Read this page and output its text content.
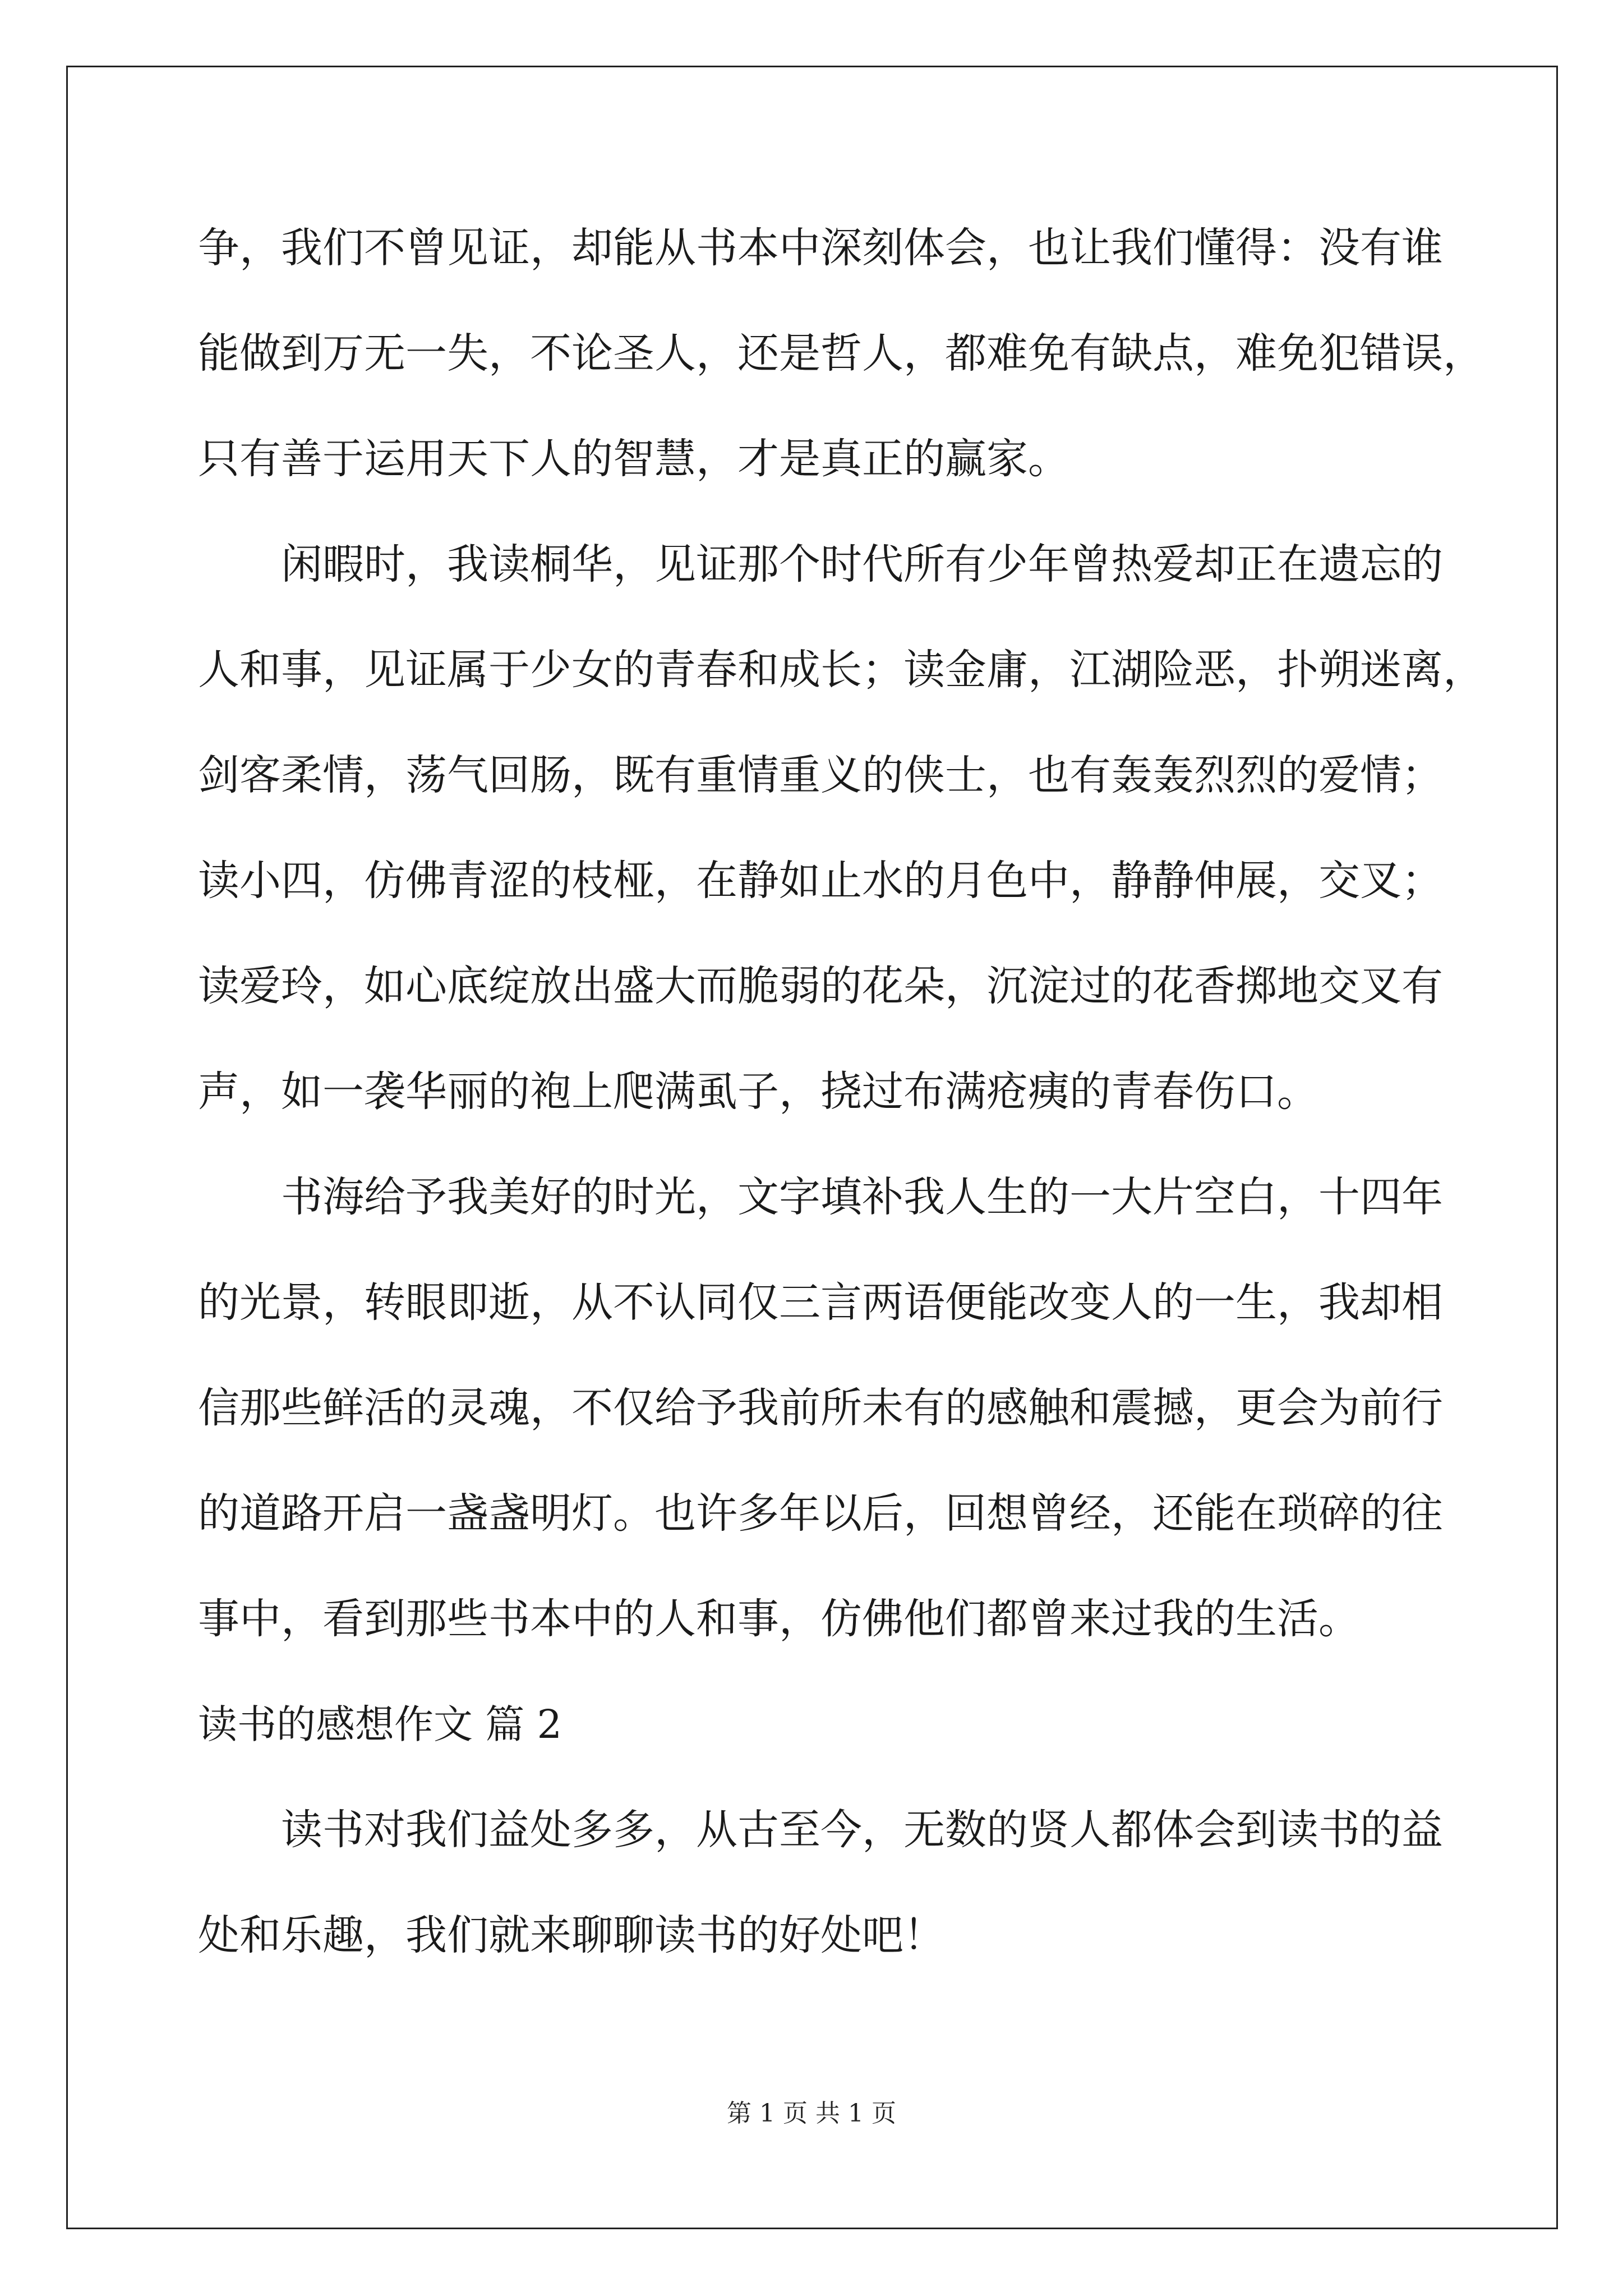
争，我们不曾见证，却能从书本中深刻体会，也让我们懂得：没有谁
能做到万无一失，不论圣人，还是哲人，都难免有缺点，难免犯错误，
只有善于运用天下人的智慧，才是真正的赢家。
闲暇时，我读桐华，见证那个时代所有少年曾热爱却正在遗忘的
人和事，见证属于少女的青春和成长；读金庸，江湖险恶，扑朔迷离，
剑客柔情，荡气回肠，既有重情重义的侠士，也有轰轰烈烈的爱情；
读小四，仿佛青涩的枝桠，在静如止水的月色中，静静伸展，交叉；
读爱玲，如心底绽放出盛大而脆弱的花朵，沉淀过的花香掷地交叉有
声，如一袭华丽的袍上爬满虱子，挠过布满疮痍的青春伤口。
书海给予我美好的时光，文字填补我人生的一大片空白，十四年
的光景，转眼即逝，从不认同仅三言两语便能改变人的一生，我却相
信那些鲜活的灵魂，不仅给予我前所未有的感触和震撼，更会为前行
的道路开启一盏盏明灯。也许多年以后，回想曾经，还能在琐碎的往
事中，看到那些书本中的人和事，仿佛他们都曾来过我的生活。
读书的感想作文 篇 2
读书对我们益处多多，从古至今，无数的贤人都体会到读书的益
处和乐趣，我们就来聊聊读书的好处吧！
第 1 页 共 1 页
